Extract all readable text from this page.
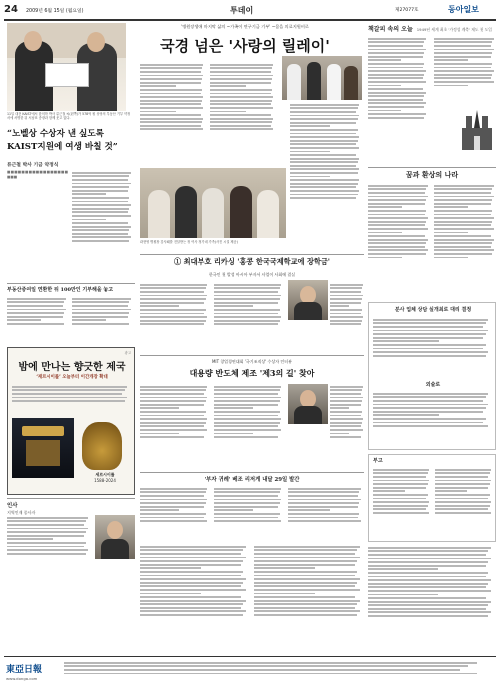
24 2009년 6월 15일 (월요일)	투데이	제27077호	동아일보
11일 대전 KAIST에서 한의학 박사 류근철 씨(왼쪽)가 578억 원 상당의 부동산 기부 약정서에 서명한 뒤 서남표 총장과 함께 웃고 있다.
“노벨상 수상자 낸 싶도록
KAIST지원에 여생 바칠 것”
류근철 박사 기금 약정식
■■■■■■■■■■■■■■■■■■■■
'병원장생애 마지막 삶의 ~가족이 연구기금 기부' ~몸을 의료지원비로
국경 넘은 '사랑의 릴레이'
곽현영 병원장 감사패를 전달받는 정 여사 정가네 가족(사진 시설 제공)
책갈피 속의 오늘 1949년 세계 최초 '가정성 계측' 제도 첫 도입
꿈과 환상의 나라
① 최대부호 리카싱 '홍콩 한국국제학교에 장학금'
한국인 첫 발성 아시아 부자서 사업이 사회에 결실
부동산증여일 연환한 뒤 100만인 기부해을 놓고
광고
밤에 만나는 향긋한 제국
‘재르시이를’ 오늘부터 이간개장 확대
세르시이를
1588-2024
MIT 창업경연대회 '국기조직상' 수상자 인터뷰
대용량 반도체 제조 '제3의 길' 찾아
분사 업체 상담 실개최로 대리 결정
외슐로
'부자 귀례' 베조 리저게 내달 29일 발간
부고
인사
지역인재 종사자
東亞日報
www.donga.com
